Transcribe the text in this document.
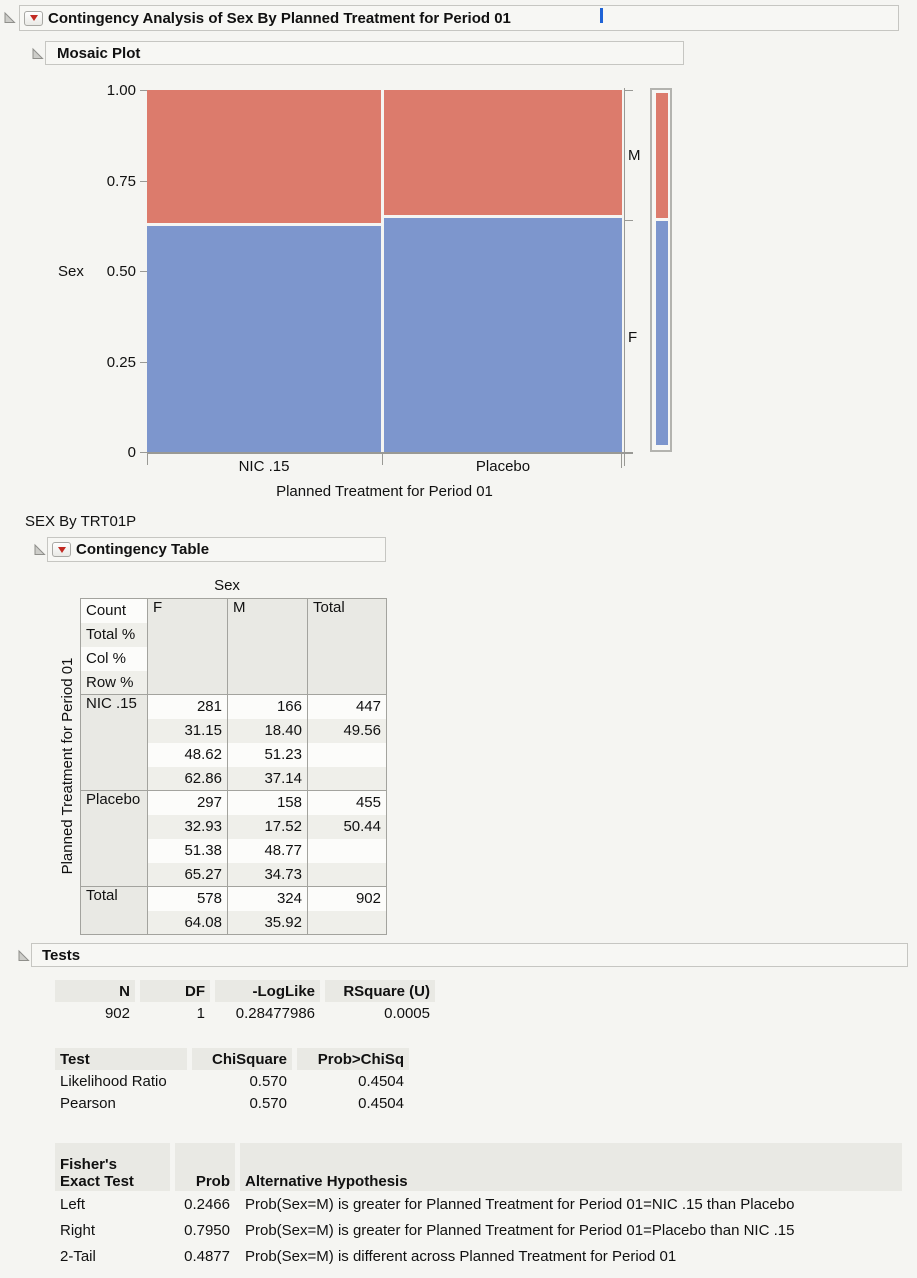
Contingency Analysis of Sex By Planned Treatment for Period 01
Mosaic Plot
1.00
0.75
0.50
0.25
0
Sex
NIC .15	Placebo
Planned Treatment for Period 01
M
F
SEX By TRT01P
Contingency Table
Sex
Planned Treatment for Period 01
Count	F	M	Total
Total %			
Col %			
Row %			
NIC .15	281	166	447
	31.15	18.40	49.56
	48.62	51.23	
	62.86	37.14	
Placebo	297	158	455
	32.93	17.52	50.44
	51.38	48.77	
	65.27	34.73	
Total	578	324	902
	64.08	35.92	
Tests
N	DF	-LogLike	RSquare (U)
902	1	0.28477986	0.0005
Test	ChiSquare	Prob>ChiSq
Likelihood Ratio	0.570	0.4504
Pearson	0.570	0.4504
Fisher's
Exact Test	Prob	Alternative Hypothesis
Left	0.2466	Prob(Sex=M) is greater for Planned Treatment for Period 01=NIC .15 than Placebo
Right	0.7950	Prob(Sex=M) is greater for Planned Treatment for Period 01=Placebo than NIC .15
2-Tail	0.4877	Prob(Sex=M) is different across Planned Treatment for Period 01
